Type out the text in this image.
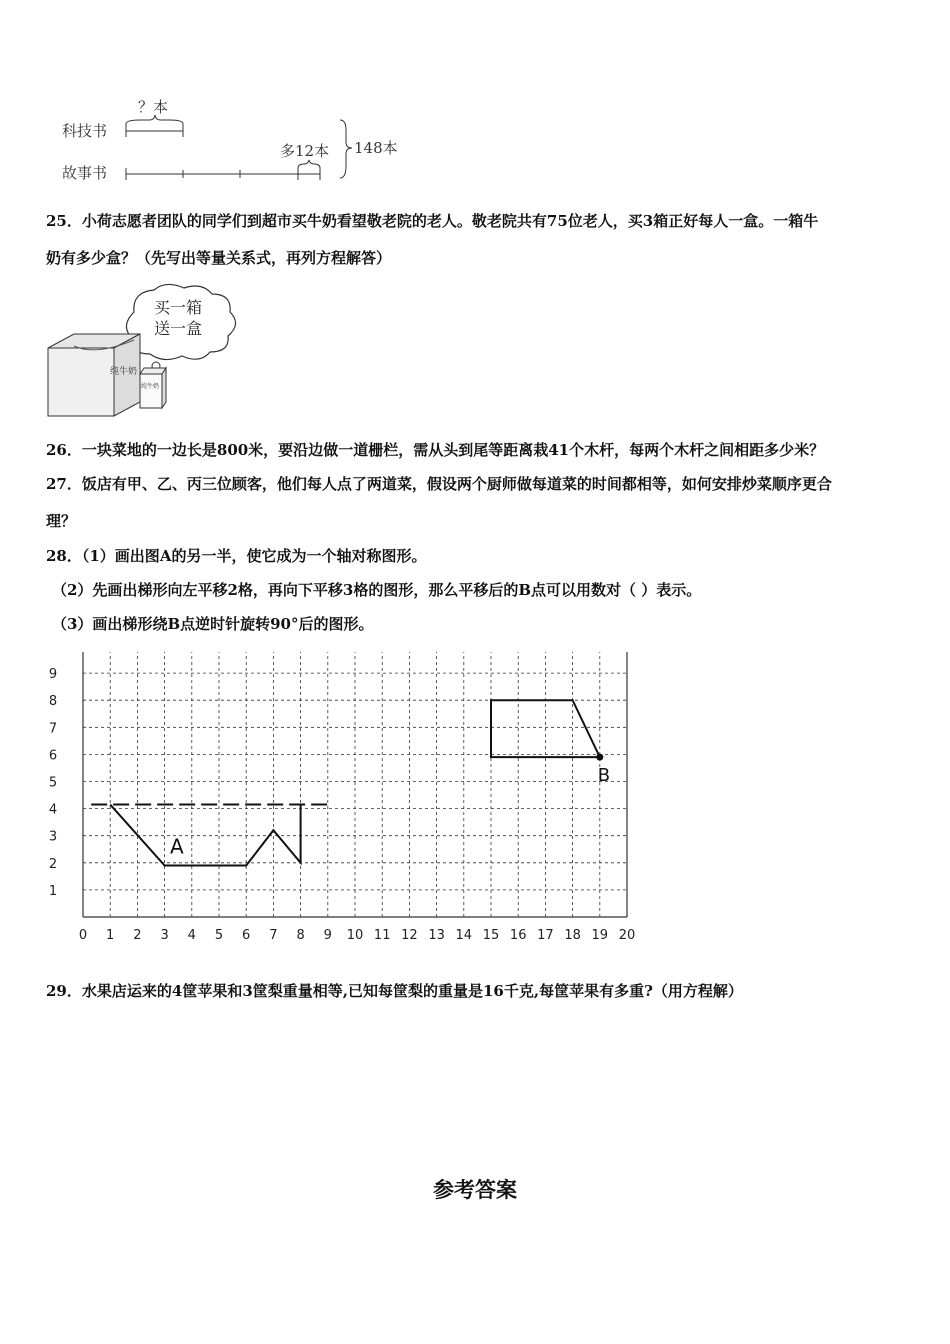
科技书
故事书
？本
多12本 148本
25．小荷志愿者团队的同学们到超市买牛奶看望敬老院的老人。敬老院共有75位老人，买3箱正好每人一盒。一箱牛
奶有多少盒？（先写出等量关系式，再列方程解答）
买一箱
送一盒
纯牛奶
纯牛奶
26．一块菜地的一边长是800米，要沿边做一道栅栏，需从头到尾等距离栽41个木杆，每两个木杆之间相距多少米？
27．饭店有甲、乙、丙三位顾客，他们每人点了两道菜，假设两个厨师做每道菜的时间都相等，如何安排炒菜顺序更合
理？
28．（1）画出图A的另一半，使它成为一个轴对称图形。
（2）先画出梯形向左平移2格，再向下平移3格的图形，那么平移后的B点可以用数对（ ）表示。
（3）画出梯形绕B点逆时针旋转90°后的图形。
0 1 2 3 4 5 6 7 8 9 10 11 12 13 14 15 16 17 18 19 20
1
2
3
4
5
6
7
8
9
A
B
29．水果店运来的4筐苹果和3筐梨重量相等,已知每筐梨的重量是16千克,每筐苹果有多重?（用方程解）
参考答案
